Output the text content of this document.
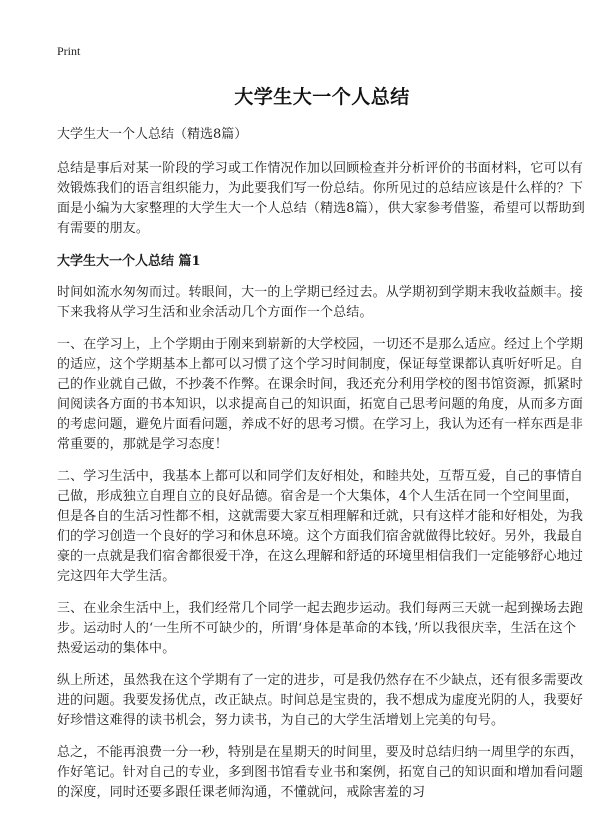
Print
大学生大一个人总结

大学生大一个人总结（精选8篇）

总结是事后对某一阶段的学习或工作情况作加以回顾检查并分析评价的书面材料，它可以有效锻炼我们的语言组织能力，为此要我们写一份总结。你所见过的总结应该是什么样的？下面是小编为大家整理的大学生大一个人总结（精选8篇），供大家参考借鉴，希望可以帮助到有需要的朋友。

大学生大一个人总结 篇1

时间如流水匆匆而过。转眼间，大一的上学期已经过去。从学期初到学期末我收益颇丰。接下来我将从学习生活和业余活动几个方面作一个总结。

一、在学习上，上个学期由于刚来到崭新的大学校园，一切还不是那么适应。经过上个学期的适应，这个学期基本上都可以习惯了这个学习时间制度，保证每堂课都认真听好听足。自己的作业就自己做，不抄袭不作弊。在课余时间，我还充分利用学校的图书馆资源，抓紧时间阅读各方面的书本知识，以求提高自己的知识面，拓宽自己思考问题的角度，从而多方面的考虑问题，避免片面看问题，养成不好的思考习惯。在学习上，我认为还有一样东西是非常重要的，那就是学习态度！

二、学习生活中，我基本上都可以和同学们友好相处，和睦共处，互帮互爱，自己的事情自己做，形成独立自理自立的良好品德。宿舍是一个大集体，4个人生活在同一个空间里面，但是各自的生活习性都不相，这就需要大家互相理解和迁就，只有这样才能和好相处，为我们的学习创造一个良好的学习和休息环境。这个方面我们宿舍就做得比较好。另外，我最自豪的一点就是我们宿舍都很爱干净，在这么理解和舒适的环境里相信我们一定能够舒心地过完这四年大学生活。

三、在业余生活中上，我们经常几个同学一起去跑步运动。我们每两三天就一起到操场去跑步。运动时人的‘一生所不可缺少的，所谓‘身体是革命的本钱，’所以我很庆幸，生活在这个热爱运动的集体中。

纵上所述，虽然我在这个学期有了一定的进步，可是我仍然存在不少缺点，还有很多需要改进的问题。我要发扬优点，改正缺点。时间总是宝贵的，我不想成为虚度光阴的人，我要好好珍惜这难得的读书机会，努力读书，为自己的大学生活增划上完美的句号。

总之，不能再浪费一分一秒，特别是在星期天的时间里，要及时总结归纳一周里学的东西，作好笔记。针对自己的专业，多到图书馆看专业书和案例，拓宽自己的知识面和增加看问题的深度，同时还要多跟任课老师沟通，不懂就问，戒除害羞的习
